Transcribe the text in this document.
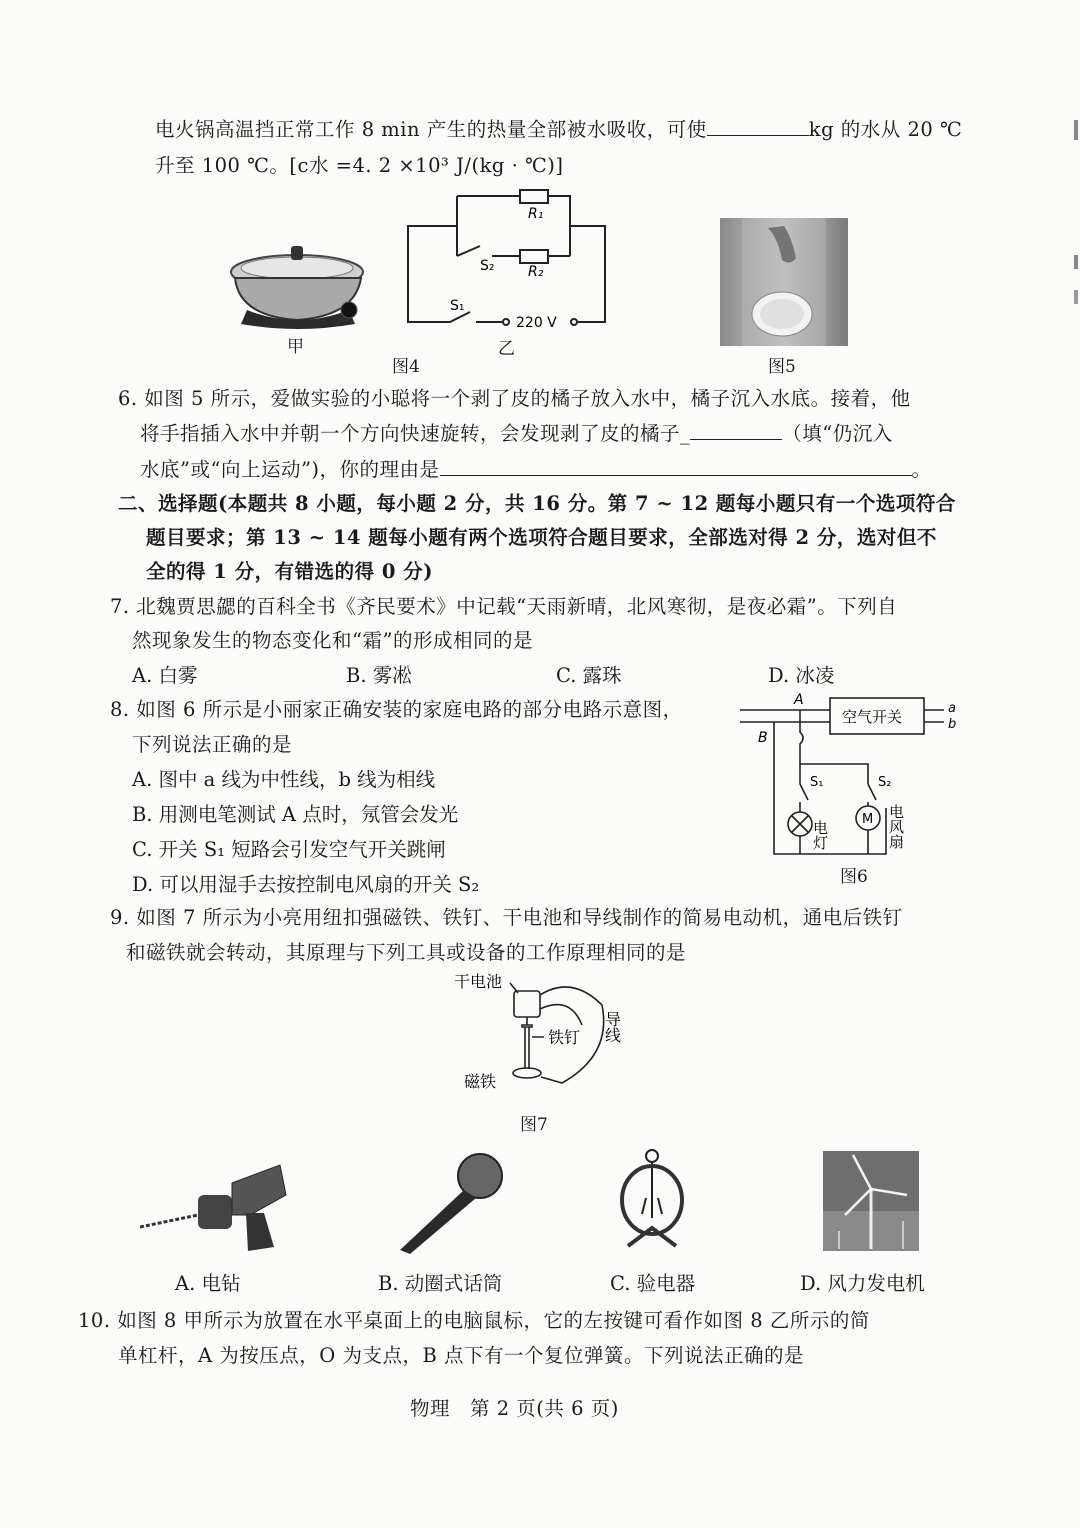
电火锅高温挡正常工作 8 min 产生的热量全部被水吸收，可使	kg 的水从 20 ℃
升至 100 ℃。[c水 =4. 2 ×10³ J/(kg · ℃)]
甲
R₁
R₂
S₂
S₁
220 V
乙
图4	图5
6. 如图 5 所示，爱做实验的小聪将一个剥了皮的橘子放入水中，橘子沉入水底。接着，他
将手指插入水中并朝一个方向快速旋转，会发现剥了皮的橘子_	（填“仍沉入
水底”或“向上运动”)，你的理由是	。
二、选择题(本题共 8 小题，每小题 2 分，共 16 分。第 7 ~ 12 题每小题只有一个选项符合
题目要求；第 13 ~ 14 题每小题有两个选项符合题目要求，全部选对得 2 分，选对但不
全的得 1 分，有错选的得 0 分)
7. 北魏贾思勰的百科全书《齐民要术》中记载“天雨新晴，北风寒彻，是夜必霜”。下列自
然现象发生的物态变化和“霜”的形成相同的是
A. 白雾	B. 雾凇	C. 露珠	D. 冰凌
8. 如图 6 所示是小丽家正确安装的家庭电路的部分电路示意图，
下列说法正确的是
A. 图中 a 线为中性线，b 线为相线
B. 用测电笔测试 A 点时，氖管会发光
C. 开关 S₁ 短路会引发空气开关跳闸
D. 可以用湿手去按控制电风扇的开关 S₂
空气开关
A
B
a
b
S₁	S₂
M
电灯	电风扇
图6
9. 如图 7 所示为小亮用纽扣强磁铁、铁钉、干电池和导线制作的简易电动机，通电后铁钉
和磁铁就会转动，其原理与下列工具或设备的工作原理相同的是
干电池
铁钉
磁铁
导线
图7
A. 电钻	B. 动圈式话筒	C. 验电器	D. 风力发电机
10. 如图 8 甲所示为放置在水平桌面上的电脑鼠标，它的左按键可看作如图 8 乙所示的简
单杠杆，A 为按压点，O 为支点，B 点下有一个复位弹簧。下列说法正确的是
物理　第 2 页(共 6 页)
